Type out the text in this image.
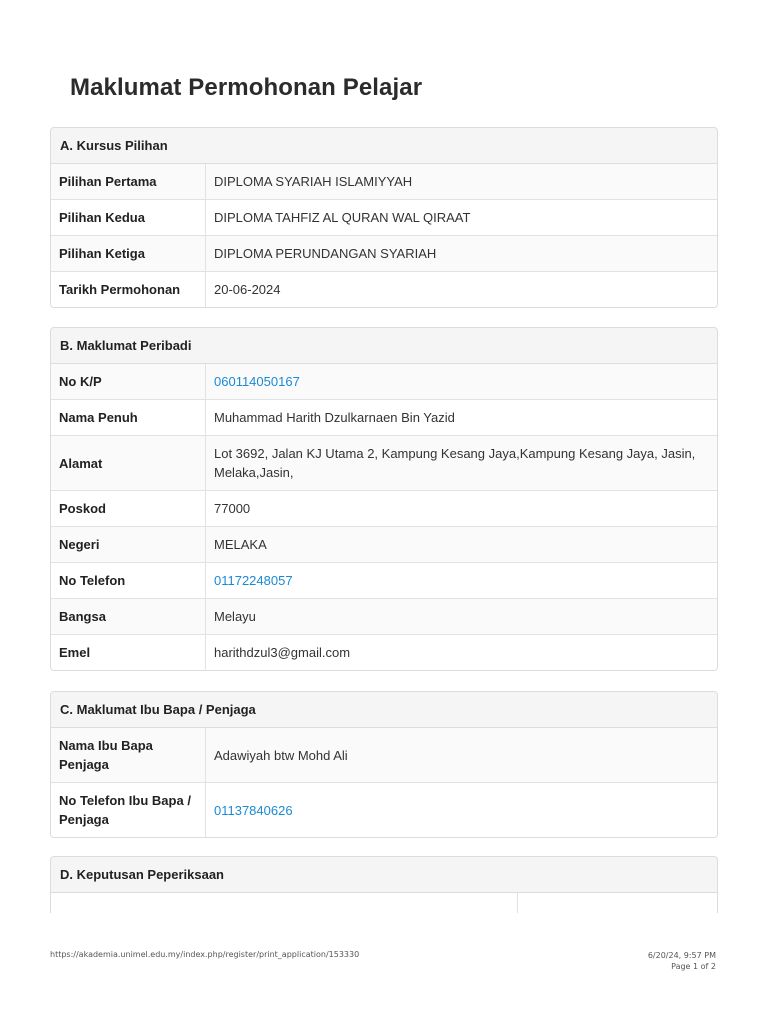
Maklumat Permohonan Pelajar
A. Kursus Pilihan
Pilihan Pertama	DIPLOMA SYARIAH ISLAMIYYAH
Pilihan Kedua	DIPLOMA TAHFIZ AL QURAN WAL QIRAAT
Pilihan Ketiga	DIPLOMA PERUNDANGAN SYARIAH
Tarikh Permohonan	20-06-2024
B. Maklumat Peribadi
No K/P	060114050167
Nama Penuh	Muhammad Harith Dzulkarnaen Bin Yazid
Alamat	Lot 3692, Jalan KJ Utama 2, Kampung Kesang Jaya,Kampung Kesang Jaya, Jasin, Melaka,Jasin,
Poskod	77000
Negeri	MELAKA
No Telefon	01172248057
Bangsa	Melayu
Emel	harithdzul3@gmail.com
C. Maklumat Ibu Bapa / Penjaga
Nama Ibu Bapa Penjaga	Adawiyah btw Mohd Ali
No Telefon Ibu Bapa / Penjaga	01137840626
D. Keputusan Peperiksaan
https://akademia.unimel.edu.my/index.php/register/print_application/153330	6/20/24, 9:57 PM
Page 1 of 2
